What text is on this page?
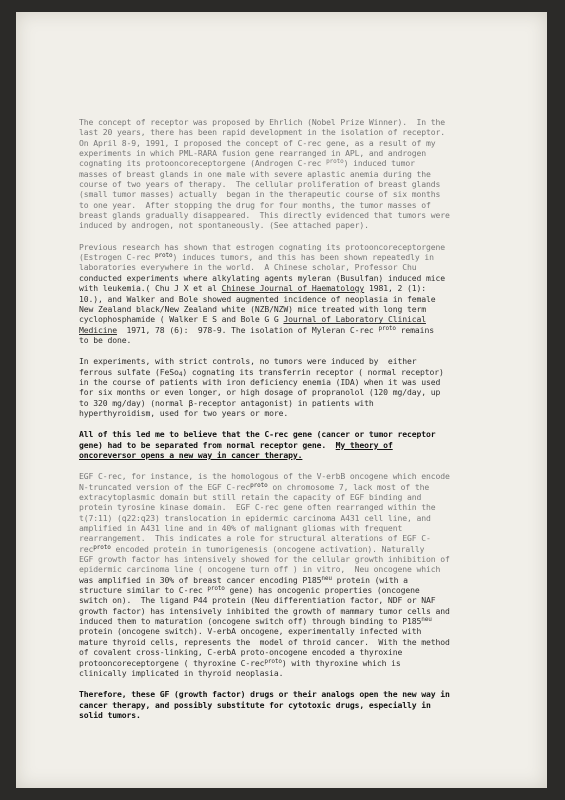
The concept of receptor was proposed by Ehrlich (Nobel Prize Winner).  In the
last 20 years, there has been rapid development in the isolation of receptor.
On April 8-9, 1991, I proposed the concept of C-rec gene, as a result of my
experiments in which PML-RARA fusion gene rearranged in APL, and androgen
cognating its protooncoreceptorgene (Androgen C-rec $^{proto}$) induced tumor
masses of breast glands in one male with severe aplastic anemia during the
course of two years of therapy.  The cellular proliferation of breast glands
(small tumor masses) actually  began in the therapeutic course of six months
to one year.  After stopping the drug for four months, the tumor masses of
breast glands gradually disappeared.  This directly evidenced that tumors were
induced by androgen, not spontaneously. (See attached paper).
Previous research has shown that estrogen cognating its protooncoreceptorgene
(Estrogen C-rec $^{proto}$) induces tumors, and this has been shown repeatedly in
laboratories everywhere in the world.  A Chinese scholar, Professor Chu
conducted experiments where alkylating agents myleran (Busulfan) induced mice
with leukemia.( Chu J X et al Chinese Journal of Haematology 1981, 2 (1):
10.), and Walker and Bole showed augmented incidence of neoplasia in female
New Zealand black/New Zealand white (NZB/NZW) mice treated with long term
cyclophosphamide ( Walker E S and Bole G G Journal of Laboratory Clinical
Medicine  1971, 78 (6):  978-9. The isolation of Myleran C-rec $^{proto}$ remains
to be done.
In experiments, with strict controls, no tumors were induced by  either
ferrous sulfate (FeSo$_4$) cognating its transferrin receptor ( normal receptor)
in the course of patients with iron deficiency enemia (IDA) when it was used
for six months or even longer, or high dosage of propranolol (120 mg/day, up
to 320 mg/day) (normal β-receptor antagonist) in patients with
hyperthyroidism, used for two years or more.
All of this led me to believe that the C-rec gene (cancer or tumor receptor
gene) had to be separated from normal receptor gene.  My theory of
oncoreversor opens a new way in cancer therapy.
EGF C-rec, for instance, is the homologous of the V-erbB oncogene which encode
N-truncated version of the EGF C-rec$^{proto}$ on chromosome 7, lack most of the
extracytoplasmic domain but still retain the capacity of EGF binding and
protein tyrosine kinase domain.  EGF C-rec gene often rearranged within the
t(7:11) (q22:q23) translocation in epidermic carcinoma A431 cell line, and
amplified in A431 line and in 40% of malignant gliomas with frequent
rearrangement.  This indicates a role for structural alterations of EGF C-
rec$^{proto}$ encoded protein in tumorigenesis (oncogene activation). Naturally
EGF growth factor has intensively showed for the cellular growth inhibition of
epidermic carcinoma line ( oncogene turn off ) in vitro,  Neu oncogene which
was amplified in 30% of breast cancer encoding $P185^{neu}$ protein (with a
structure similar to C-rec $^{proto}$ gene) has oncogenic properties (oncogene
switch on).  The ligand P44 protein (Neu differentiation factor, NDF or NAF
growth factor) has intensively inhibited the growth of mammary tumor cells and
induced them to maturation (oncogene switch off) through binding to $P185^{neu}$
protein (oncogene switch). V-erbA oncogene, experimentally infected with
mature thyroid cells, represents the  model of throid cancer.  With the method
of covalent cross-linking, C-erbA proto-oncogene encoded a thyroxine
protooncoreceptorgene ( thyroxine C-rec$^{proto}$) with thyroxine which is
clinically implicated in thyroid neoplasia.
Therefore, these GF (growth factor) drugs or their analogs open the new way in
cancer therapy, and possibly substitute for cytotoxic drugs, especially in
solid tumors.
